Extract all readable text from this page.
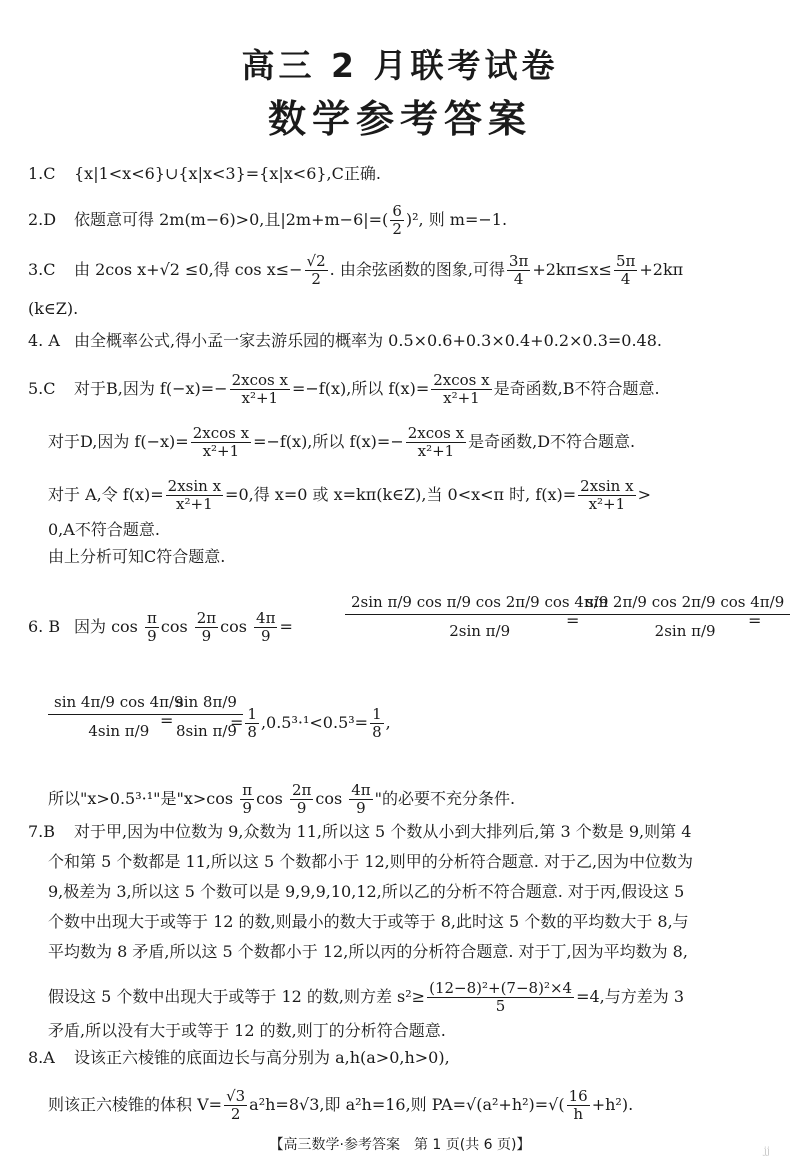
高三 2 月联考试卷
数学参考答案
1.C {x|1<x<6}∪{x|x<3}={x|x<6},C正确.
2.D 依题意可得 2m(m−6)>0,且$|2m+m-6|=( \frac{6}{2} )^2$, 则 m=−1.
3.C 由 2cos x+√2 ≤0,得 $\cos x\le- \frac{√2}{2}$ . 由余弦函数的图象,可得 $\frac{3\pi}{4} +2k\pi\le x\le \frac{5\pi}{4} +2k\pi$
(k∈Z).
4. A 由全概率公式,得小孟一家去游乐园的概率为 0.5×0.6+0.3×0.4+0.2×0.3=0.48.
5.C 对于B,因为 $f(-x)=- \frac{\text{2xcos x}}{\text{x²+1}} =-f(x)$,所以 $f(x)= \frac{\text{2xcos x}}{\text{x²+1}}$ 是奇函数,B不符合题意.
对于D,因为 $f(-x)= \frac{\text{2xcos x}}{\text{x²+1}} =-f(x)$,所以 $f(x)=- \frac{\text{2xcos x}}{\text{x²+1}}$ 是奇函数,D不符合题意.
对于 A,令 $f(x)= \frac{\text{2xsin x}}{\text{x²+1}} =0$,得 x=0 或 x=kπ(k∈Z),当 0<x<π 时, $f(x)= \frac{\text{2xsin x}}{\text{x²+1}}$ >
0,A不符合题意.
由上分析可知C符合题意.
6. B 因为 $\cos \frac{\pi}{9}$ $\cos \frac{2\pi}{9}$ $\cos \frac{4\pi}{9}$ =	$\frac{\text{2sin π/9 cos π/9 cos 2π/9 cos 4π/9}}{\text{2sin π/9}}$
= $\frac{\sin 2\pi/9 \cos 2\pi/9 \cos 4\pi/9}{\text{2sin π/9}}$
=
$\frac{\sin 4\pi/9 \cos 4\pi/9}{\text{4sin π/9}}$
=
$\frac{\sin 8\pi/9}{\text{8sin π/9}}$
= $\frac{1}{8} ,0.5^3\cdot^1<0.5^3= \frac{1}{8}$ ,
所以"x>0.5³·¹"是"$x>\cos \frac{\pi}{9}$ $\cos \frac{2\pi}{9}$ $\cos \frac{4\pi}{9}$ "的必要不充分条件.
7.B 对于甲,因为中位数为 9,众数为 11,所以这 5 个数从小到大排列后,第 3 个数是 9,则第 4
个和第 5 个数都是 11,所以这 5 个数都小于 12,则甲的分析符合题意. 对于乙,因为中位数为
9,极差为 3,所以这 5 个数可以是 9,9,9,10,12,所以乙的分析不符合题意. 对于丙,假设这 5
个数中出现大于或等于 12 的数,则最小的数大于或等于 8,此时这 5 个数的平均数大于 8,与
平均数为 8 矛盾,所以这 5 个数都小于 12,所以丙的分析符合题意. 对于丁,因为平均数为 8,
假设这 5 个数中出现大于或等于 12 的数,则方差 $s^2\ge \frac{\text{(12−8)²+(7−8)²×4}}{5} =4$,与方差为 3
矛盾,所以没有大于或等于 12 的数,则丁的分析符合题意.
8.A 设该正六棱锥的底面边长与高分别为 a,h(a>0,h>0),
则该正六棱锥的体积 $V= \frac{√3}{2} a^2h=8√3$,即 a²h=16,则 $PA=√(a^2+h^2)=√( \frac{16}{h} +h^2)$.
【高三数学·参考答案　第 1 页(共 6 页)】	jj
